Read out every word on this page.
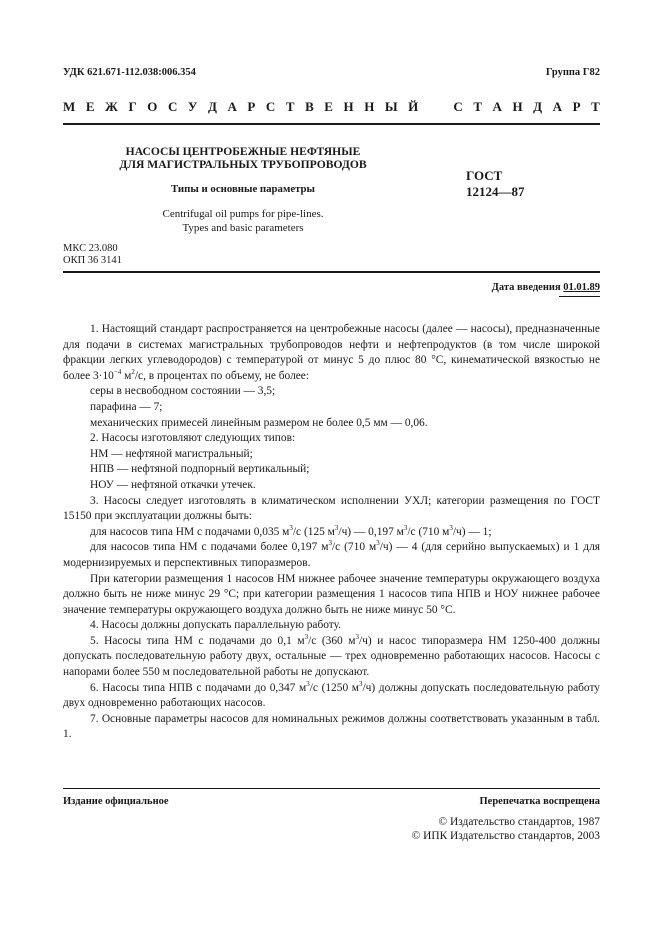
УДК 621.671-112.038:006.354	Группа Г82
М Е Ж Г О С У Д А Р С Т В Е Н Н Ы Й	С Т А Н Д А Р Т
НАСОСЫ ЦЕНТРОБЕЖНЫЕ НЕФТЯНЫЕ
ДЛЯ МАГИСТРАЛЬНЫХ ТРУБОПРОВОДОВ
Типы и основные параметры
Centrifugal oil pumps for pipe-lines.
Types and basic parameters
ГОСТ
12124—87
МКС 23.080
ОКП 36 3141
Дата введения 01.01.89

1. Настоящий стандарт распространяется на центробежные насосы (далее — насосы), предназначенные для подачи в системах магистральных трубопроводов нефти и нефтепродуктов (в том числе широкой фракции легких углеводородов) с температурой от минус 5 до плюс 80 °С, кинематической вязкостью не более $3\cdot 10^{-4}$ $м^2/с$, в процентах по объему, не более:

серы в несвободном состоянии — 3,5;

парафина — 7;

механических примесей линейным размером не более 0,5 мм — 0,06.

2. Насосы изготовляют следующих типов:

НМ — нефтяной магистральный;

НПВ — нефтяной подпорный вертикальный;

НОУ — нефтяной откачки утечек.

3. Насосы следует изготовлять в климатическом исполнении УХЛ; категории размещения по ГОСТ 15150 при эксплуатации должны быть:

для насосов типа НМ с подачами 0,035 $м^3/с$ (125 $м^3/ч$) — 0,197 $м^3/с$ (710 $м^3/ч$) — 1;

для насосов типа НМ с подачами более 0,197 $м^3/с$ (710 $м^3/ч$) — 4 (для серийно выпускаемых) и 1 для модернизируемых и перспективных типоразмеров.

При категории размещения 1 насосов НМ нижнее рабочее значение температуры окружающего воздуха должно быть не ниже минус 29 °С; при категории размещения 1 насосов типа НПВ и НОУ нижнее рабочее значение температуры окружающего воздуха должно быть не ниже минус 50 °С.

4. Насосы должны допускать параллельную работу.

5. Насосы типа НМ с подачами до 0,1 $м^3/с$ (360 $м^3/ч$) и насос типоразмера НМ 1250-400 должны допускать последовательную работу двух, остальные — трех одновременно работающих насосов. Насосы с напорами более 550 м последовательной работы не допускают.

6. Насосы типа НПВ с подачами до 0,347 $м^3/с$ (1250 $м^3/ч$) должны допускать последовательную работу двух одновременно работающих насосов.

7. Основные параметры насосов для номинальных режимов должны соответствовать указанным в табл. 1.

Издание официальное	Перепечатка воспрещена
© Издательство стандартов, 1987
© ИПК Издательство стандартов, 2003
